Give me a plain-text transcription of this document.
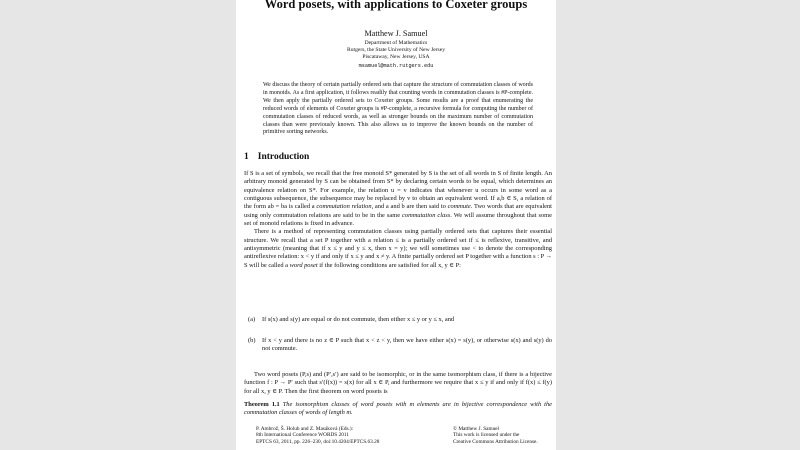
Word posets, with applications to Coxeter groups
Matthew J. Samuel
Department of Mathematics
Rutgers, the State University of New Jersey
Piscataway, New Jersey, USA
msamuel@math.rutgers.edu
We discuss the theory of certain partially ordered sets that capture the structure of commutation classes of words in monoids. As a first application, it follows readily that counting words in commutation classes is #P-complete. We then apply the partially ordered sets to Coxeter groups. Some results are a proof that enumerating the reduced words of elements of Coxeter groups is #P-complete, a recursive formula for computing the number of commutation classes of reduced words, as well as stronger bounds on the maximum number of commutation classes than were previously known. This also allows us to improve the known bounds on the number of primitive sorting networks.
1 Introduction

If S is a set of symbols, we recall that the free monoid S* generated by S is the set of all words in S of finite length. An arbitrary monoid generated by S can be obtained from S* by declaring certain words to be equal, which determines an equivalence relation on S*. For example, the relation u = v indicates that whenever u occurs in some word as a contiguous subsequence, the subsequence may be replaced by v to obtain an equivalent word. If a,b ∈ S, a relation of the form ab = ba is called a commutation relation, and a and b are then said to commute. Two words that are equivalent using only commutation relations are said to be in the same commutation class. We will assume throughout that some set of monoid relations is fixed in advance.

There is a method of representing commutation classes using partially ordered sets that captures their essential structure. We recall that a set P together with a relation ≤ is a partially ordered set if ≤ is reflexive, transitive, and antisymmetric (meaning that if x ≤ y and y ≤ x, then x = y); we will sometimes use < to denote the corresponding antireflexive relation: x < y if and only if x ≤ y and x ≠ y. A finite partially ordered set P together with a function s : P → S will be called a word poset if the following conditions are satisfied for all x, y ∈ P:

(a) If s(x) and s(y) are equal or do not commute, then either x ≤ y or y ≤ x, and
(b) If x < y and there is no z ∈ P such that x < z < y, then we have either s(x) = s(y), or otherwise s(x) and s(y) do not commute.

Two word posets (P,s) and (P′,s′) are said to be isomorphic, or in the same isomorphism class, if there is a bijective function f : P → P′ such that s′(f(x)) = s(x) for all x ∈ P, and furthermore we require that x ≤ y if and only if f(x) ≤ f(y) for all x, y ∈ P. Then the first theorem on word posets is

Theorem 1.1 The isomorphism classes of word posets with m elements are in bijective correspondence with the commutation classes of words of length m.
P. Ambrož, Š. Holub and Z. Masáková (Eds.):
8th International Conference WORDS 2011
EPTCS 63, 2011, pp. 226–230, doi:10.4204/EPTCS.63.28
© Matthew J. Samuel
This work is licensed under the
Creative Commons Attribution License.
